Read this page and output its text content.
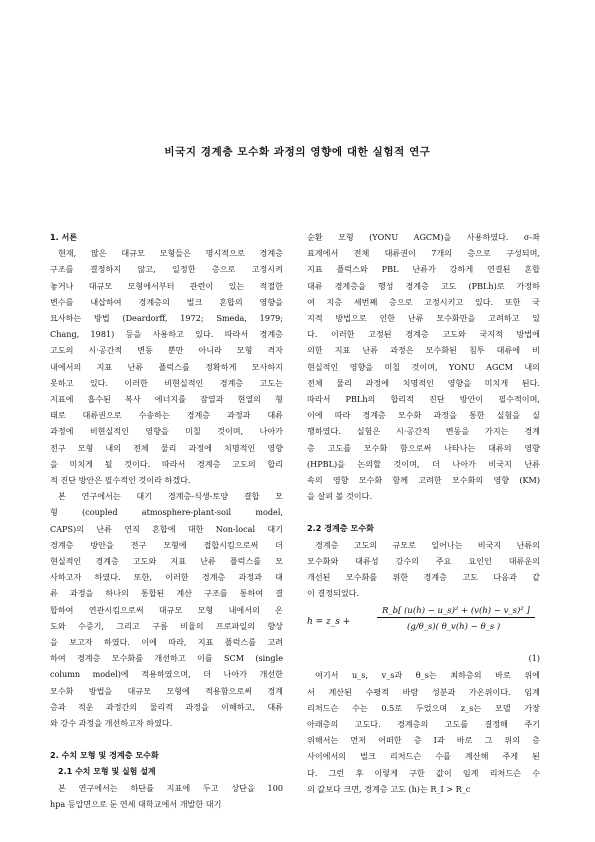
비국지 경계층 모수화 과정의 영향에 대한 실험적 연구
1. 서론
현재, 많은 대규모 모형들은 명시적으로 경계층
구조를 결정하지 않고, 일정한 층으로 고정시켜
놓거나 대규모 모형에서부터 관련이 있는 적절한
변수를 내삽하여 경계층의 벌크 혼합의 영향을
묘사하는 방법 (Deardorff, 1972; Smeda, 1979;
Chang, 1981) 등을 사용하고 있다. 따라서 경계층
고도의 시·공간적 변동 뿐만 아니라 모형 격자
내에서의 지표 난류 플럭스를 정확하게 모사하지
못하고 있다. 이러한 비현실적인 경계층 고도는
지표에 흡수된 복사 에너지를 잠열과 현열의 형
태로 대류권으로 수송하는 경계층 과정과 대류
과정에 비현실적인 영향을 미칠 것이며, 나아가
전구 모형 내의 전체 물리 과정에 치명적인 영향
을 미치게 될 것이다. 따라서 경계층 고도의 합리
적 진단 방안은 필수적인 것이라 하겠다.
본 연구에서는 대기 경계층-식생-토양 결합 모
형 (coupled atmosphere-plant-soil model,
CAPS)의 난류 연직 혼합에 대한 Non-local 대기
경계층 방안을 전구 모형에 접합시킴으로써 더
현실적인 경계층 고도와 지표 난류 플럭스를 모
사하고자 하였다. 또한, 이러한 경계층 과정과 대
류 과정을 하나의 통합된 계산 구조를 통하여 결
합하여 연관시킴으로써 대규모 모형 내에서의 온
도와 수증기, 그리고 구름 비율의 프로파일의 향상
을 보고자 하였다. 이에 따라, 지표 플럭스를 고려
하여 경계층 모수화를 개선하고 이를 SCM (single
column model)에 적용하였으며, 더 나아가 개선한
모수화 방법을 대규모 모형에 적용함으로써 경계
층과 적운 과정간의 물리적 과정을 이해하고, 대류
와 강수 과정을 개선하고자 하였다.
2. 수치 모형 및 경계층 모수화
2.1 수치 모형 및 실험 설계
본 연구에서는 하단를 지표에 두고 상단을 100
hpa 등압면으로 둔 연세 대학교에서 개발한 대기
순환 모형 (YONU AGCM)을 사용하였다. σ-좌
표계에서 전체 대류권이 7개의 층으로 구성되며,
지표 플럭스와 PBL 난류가 강하게 연결된 혼합
대류 경계층을 행성 경계층 고도 (PBLh)로 가정하
여 지층 세번째 층으로 고정시키고 있다. 또한 국
지적 방법으로 인한 난류 모수화만을 고려하고 있
다. 이러한 고정된 경계층 고도와 국지적 방법에
의한 지표 난류 과정은 모수화된 침투 대류에 비
현실적인 영향을 미칠 것이며, YONU AGCM 내의
전체 물리 과정에 치명적인 영향을 미치게 된다.
따라서 PBLh의 합리적 진단 방안이 필수적이며,
이에 따라 경계층 모수화 과정을 통한 실험을 실
행하였다. 실험은 시·공간적 변동을 가지는 경계
층 고도를 모수화 함으로써 나타나는 대류의 영향
(HPBL)을 논의할 것이며, 더 나아가 비국지 난류
속의 영향 모수화 함께 고려한 모수화의 영향 (KM)
을 살펴 볼 것이다.
2.2 경계층 모수화
경계층 고도의 규모로 일어나는 비국지 난류의
모수화와 대류성 강수의 주요 요인인 대류운의
개선된 모수화를 위한 경계층 고도 다음과 같
이 결정되었다.
h = z_s +
R_b[ (u(h) − u_s)² + (v(h) − v_s)² ]
(g/θ_s)( θ_v(h) − θ_s )
(1)
여기서 u_s, v_s과 θ_s는 최하층의 바로 위에
서 계산된 수평적 바람 성분과 가온위이다. 임계
리처드슨 수는 0.5로 두었으며 z_s는 모델 가장
아래층의 고도다. 경계층의 고도를 결정해 주기
위해서는 먼저 어떠한 층 I과 바로 그 위의 층
사이에서의 벌크 리처드슨 수를 계산해 주게 된
다. 그런 후 이렇게 구한 값이 임계 리처드슨 수
의 값보다 크면, 경계층 고도 (h)는 R_I > R_c
